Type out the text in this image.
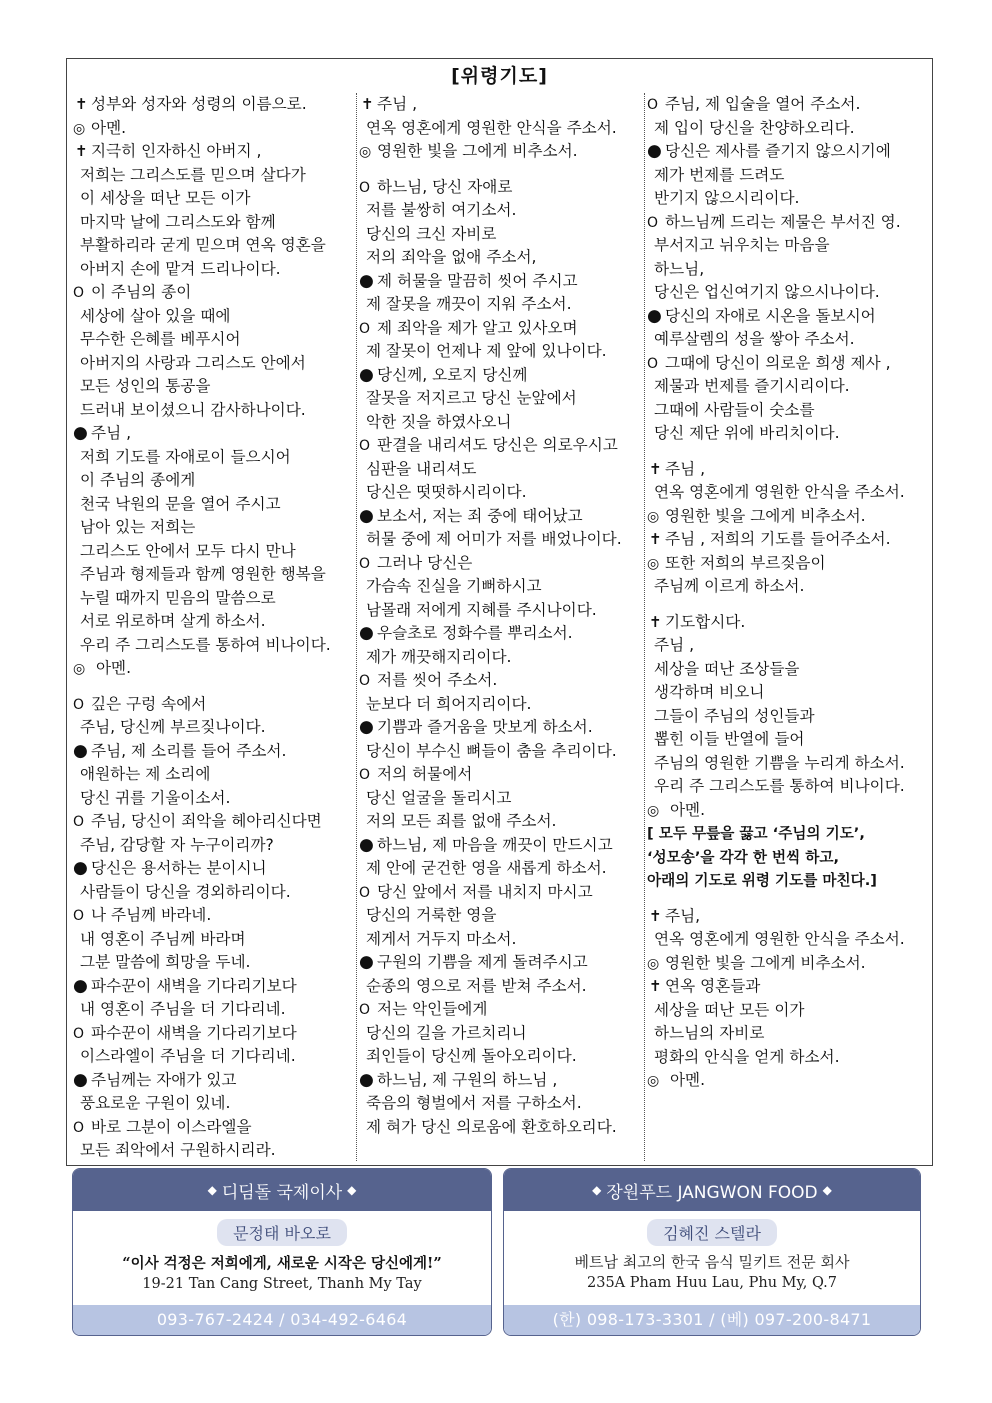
[위령기도]
✝ 성부와 성자와 성령의 이름으로.
◎ 아멘.
✝ 지극히 인자하신 아버지 ,
저희는 그리스도를 믿으며 살다가
이 세상을 떠난 모든 이가
마지막 날에 그리스도와 함께
부활하리라 굳게 믿으며 연옥 영혼을
아버지 손에 맡겨 드리나이다.
O 이 주님의 종이
세상에 살아 있을 때에
무수한 은혜를 베푸시어
아버지의 사랑과 그리스도 안에서
모든 성인의 통공을
드러내 보이셨으니 감사하나이다.
● 주님 ,
저희 기도를 자애로이 들으시어
이 주님의 종에게
천국 낙원의 문을 열어 주시고
남아 있는 저희는
그리스도 안에서 모두 다시 만나
주님과 형제들과 함께 영원한 행복을
누릴 때까지 믿음의 말씀으로
서로 위로하며 살게 하소서.
우리 주 그리스도를 통하여 비나이다.
◎ 아멘.
O 깊은 구렁 속에서
주님, 당신께 부르짖나이다.
● 주님, 제 소리를 들어 주소서.
애원하는 제 소리에
당신 귀를 기울이소서.
O 주님, 당신이 죄악을 헤아리신다면
주님, 감당할 자 누구이리까?
● 당신은 용서하는 분이시니
사람들이 당신을 경외하리이다.
O 나 주님께 바라네.
내 영혼이 주님께 바라며
그분 말씀에 희망을 두네.
● 파수꾼이 새벽을 기다리기보다
내 영혼이 주님을 더 기다리네.
O 파수꾼이 새벽을 기다리기보다
이스라엘이 주님을 더 기다리네.
● 주님께는 자애가 있고
풍요로운 구원이 있네.
O 바로 그분이 이스라엘을
모든 죄악에서 구원하시리라.
✝ 주님 ,
연옥 영혼에게 영원한 안식을 주소서.
◎ 영원한 빛을 그에게 비추소서.
O 하느님, 당신 자애로
저를 불쌍히 여기소서.
당신의 크신 자비로
저의 죄악을 없애 주소서,
● 제 허물을 말끔히 씻어 주시고
제 잘못을 깨끗이 지워 주소서.
O 제 죄악을 제가 알고 있사오며
제 잘못이 언제나 제 앞에 있나이다.
● 당신께, 오로지 당신께
잘못을 저지르고 당신 눈앞에서
악한 짓을 하였사오니
O 판결을 내리셔도 당신은 의로우시고
심판을 내리셔도
당신은 떳떳하시리이다.
● 보소서, 저는 죄 중에 태어났고
허물 중에 제 어미가 저를 배었나이다.
O 그러나 당신은
가슴속 진실을 기뻐하시고
남몰래 저에게 지혜를 주시나이다.
● 우슬초로 정화수를 뿌리소서.
제가 깨끗해지리이다.
O 저를 씻어 주소서.
눈보다 더 희어지리이다.
● 기쁨과 즐거움을 맛보게 하소서.
당신이 부수신 뼈들이 춤을 추리이다.
O 저의 허물에서
당신 얼굴을 돌리시고
저의 모든 죄를 없애 주소서.
● 하느님, 제 마음을 깨끗이 만드시고
제 안에 굳건한 영을 새롭게 하소서.
O 당신 앞에서 저를 내치지 마시고
당신의 거룩한 영을
제게서 거두지 마소서.
● 구원의 기쁨을 제게 돌려주시고
순종의 영으로 저를 받쳐 주소서.
O 저는 악인들에게
당신의 길을 가르치리니
죄인들이 당신께 돌아오리이다.
● 하느님, 제 구원의 하느님 ,
죽음의 형벌에서 저를 구하소서.
제 혀가 당신 의로움에 환호하오리다.
O 주님, 제 입술을 열어 주소서.
제 입이 당신을 찬양하오리다.
● 당신은 제사를 즐기지 않으시기에
제가 번제를 드려도
반기지 않으시리이다.
O 하느님께 드리는 제물은 부서진 영.
부서지고 뉘우치는 마음을
하느님,
당신은 업신여기지 않으시나이다.
● 당신의 자애로 시온을 돌보시어
예루살렘의 성을 쌓아 주소서.
O 그때에 당신이 의로운 희생 제사 ,
제물과 번제를 즐기시리이다.
그때에 사람들이 숫소를
당신 제단 위에 바리치이다.
✝ 주님 ,
연옥 영혼에게 영원한 안식을 주소서.
◎ 영원한 빛을 그에게 비추소서.
✝ 주님 , 저희의 기도를 들어주소서.
◎ 또한 저희의 부르짖음이
주님께 이르게 하소서.
✝ 기도합시다.
주님 ,
세상을 떠난 조상들을
생각하며 비오니
그들이 주님의 성인들과
뽑힌 이들 반열에 들어
주님의 영원한 기쁨을 누리게 하소서.
우리 주 그리스도를 통하여 비나이다.
◎ 아멘.
[ 모두 무릎을 끓고 ‘주님의 기도’,
‘성모송’을 각각 한 번씩 하고,
아래의 기도로 위령 기도를 마친다.]
✝ 주님,
연옥 영혼에게 영원한 안식을 주소서.
◎ 영원한 빛을 그에게 비추소서.
✝ 연옥 영혼들과
세상을 떠난 모든 이가
하느님의 자비로
평화의 안식을 얻게 하소서.
◎ 아멘.
◆ 디딤돌 국제이사 ◆
문정태 바오로
“이사 걱정은 저희에게, 새로운 시작은 당신에게!”
19-21 Tan Cang Street, Thanh My Tay
093-767-2424 / 034-492-6464
◆ 장원푸드 JANGWON FOOD ◆
김혜진 스텔라
베트남 최고의 한국 음식 밀키트 전문 회사
235A Pham Huu Lau, Phu My, Q.7
(한) 098-173-3301 / (베) 097-200-8471
